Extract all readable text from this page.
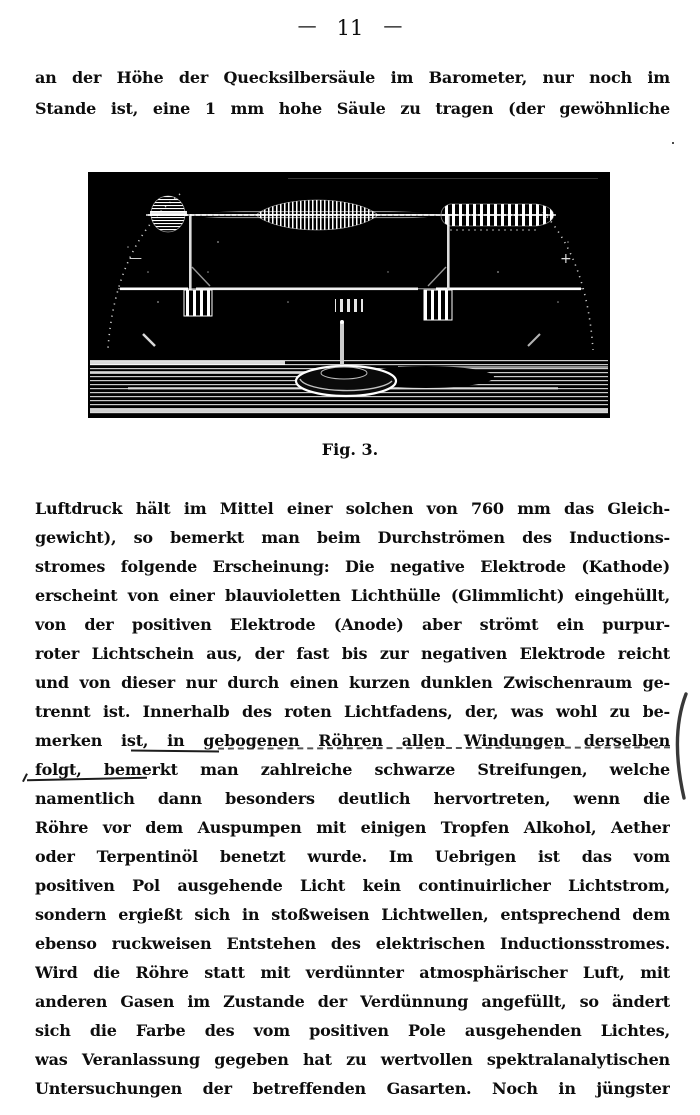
— 11 —
an der Höhe der Quecksilbersäule im Barometer, nur noch im
Stande ist, eine 1 mm hohe Säule zu tragen (der gewöhnliche
—	+
Fig. 3.
Luftdruck hält im Mittel einer solchen von 760 mm das Gleich-
gewicht), so bemerkt man beim Durchströmen des Inductions-
stromes folgende Erscheinung: Die negative Elektrode (Kathode)
erscheint von einer blauvioletten Lichthülle (Glimmlicht) eingehüllt,
von der positiven Elektrode (Anode) aber strömt ein purpur-
roter Lichtschein aus, der fast bis zur negativen Elektrode reicht
und von dieser nur durch einen kurzen dunklen Zwischenraum ge-
trennt ist. Innerhalb des roten Lichtfadens, der, was wohl zu be-
merken ist, in gebogenen Röhren allen Windungen derselben
folgt, bemerkt man zahlreiche schwarze Streifungen, welche
namentlich dann besonders deutlich hervortreten, wenn die
Röhre vor dem Auspumpen mit einigen Tropfen Alkohol, Aether
oder Terpentinöl benetzt wurde. Im Uebrigen ist das vom
positiven Pol ausgehende Licht kein continuirlicher Lichtstrom,
sondern ergießt sich in stoßweisen Lichtwellen, entsprechend dem
ebenso ruckweisen Entstehen des elektrischen Inductionsstromes.
Wird die Röhre statt mit verdünnter atmosphärischer Luft, mit
anderen Gasen im Zustande der Verdünnung angefüllt, so ändert
sich die Farbe des vom positiven Pole ausgehenden Lichtes,
was Veranlassung gegeben hat zu wertvollen spektralanalytischen
Untersuchungen der betreffenden Gasarten. Noch in jüngster
